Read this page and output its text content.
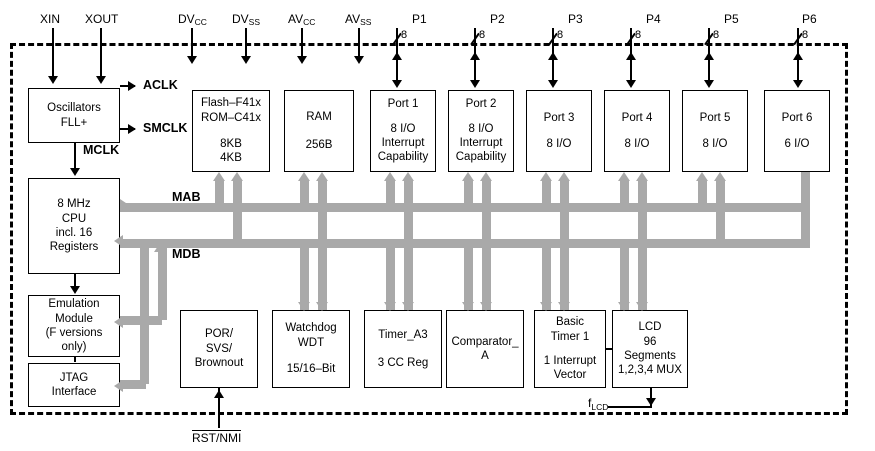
XIN XOUT	$DV_{CC}$ $DV_{SS}$ $AV_{CC}$ $AV_{SS}$	P1	P2	P3	P4	P5	P6
8	8	8	8	8	8
Oscillators
FLL+
8 MHz
CPU
incl. 16
Registers
Emulation
Module
(F versions
only)
JTAG
Interface
ACLK
SMCLK
MCLK
Flash–F41x
ROM–C41x
8KB
4KB
RAM
256B
Port 1
8 I/O
Interrupt
Capability
Port 2
8 I/O
Interrupt
Capability
Port 3
8 I/O
Port 4
8 I/O
Port 5
8 I/O
Port 6
6 I/O
POR/
SVS/
Brownout
Watchdog
WDT
15/16–Bit
Timer_A3
3 CC Reg
Comparator_
A
Basic
Timer 1
1 Interrupt
Vector
LCD
96
Segments
1,2,3,4 MUX
MAB
MDB
RST/NMI
$f_{LCD}$
